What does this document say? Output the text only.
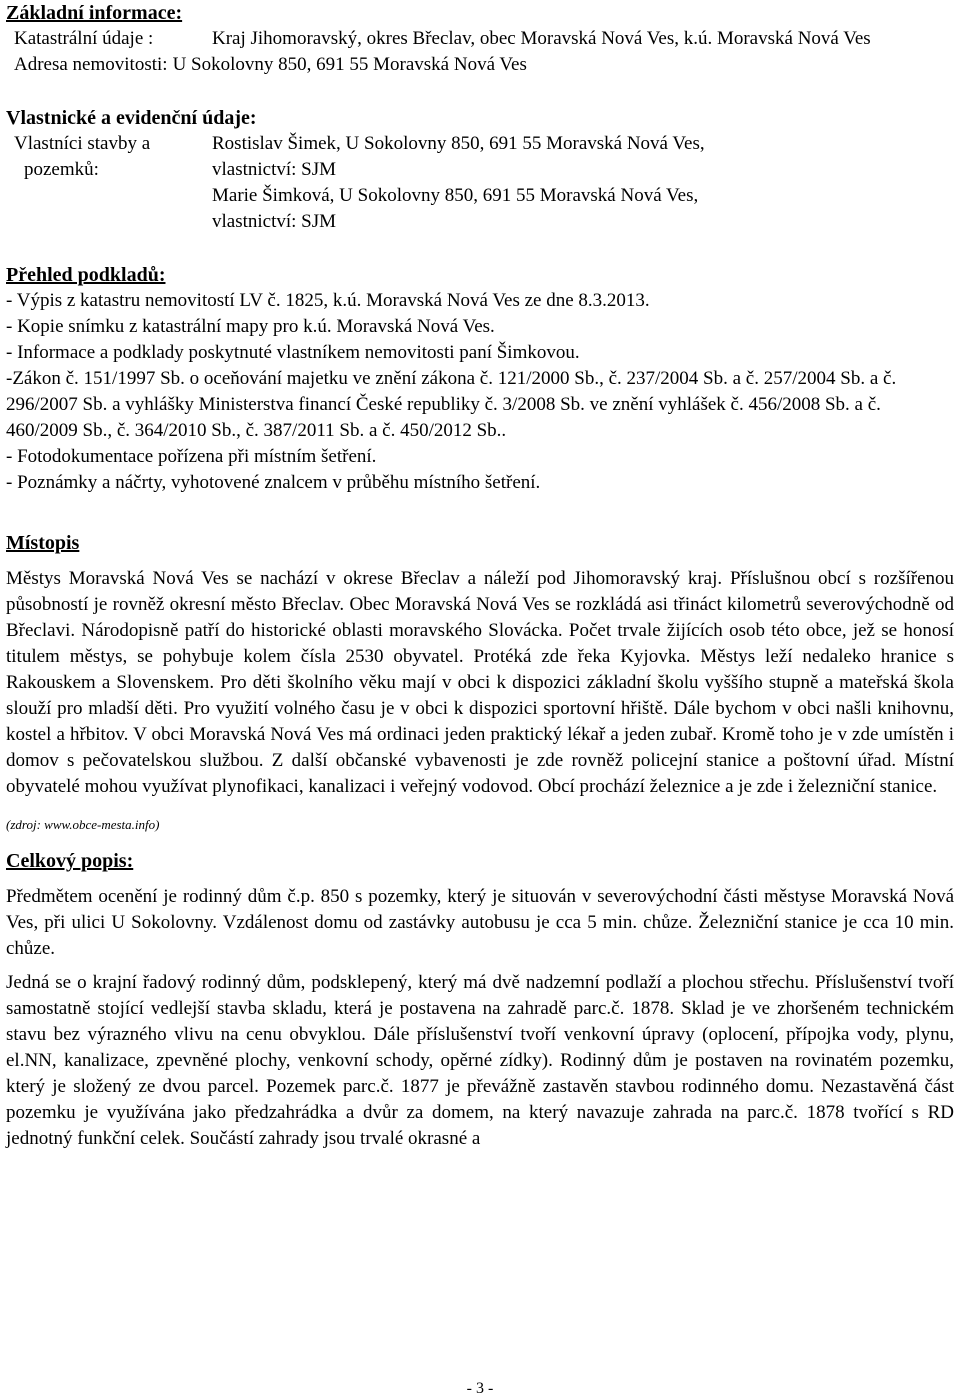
Základní informace:
Katastrální údaje :	Kraj Jihomoravský, okres Břeclav, obec Moravská Nová Ves, k.ú. Moravská Nová Ves
Adresa nemovitosti: U Sokolovny 850, 691 55 Moravská Nová Ves
Vlastnické a evidenční údaje:
Vlastníci stavby a
pozemků:
Rostislav Šimek, U Sokolovny 850, 691 55 Moravská Nová Ves,
vlastnictví: SJM
Marie Šimková, U Sokolovny 850, 691 55 Moravská Nová Ves,
vlastnictví: SJM
Přehled podkladů:

- Výpis z katastru nemovitostí LV č. 1825, k.ú. Moravská Nová Ves ze dne 8.3.2013.

- Kopie snímku z katastrální mapy pro k.ú. Moravská Nová Ves.

- Informace a podklady poskytnuté vlastníkem nemovitosti paní Šimkovou.

-Zákon č. 151/1997 Sb. o oceňování majetku ve znění zákona č. 121/2000 Sb., č. 237/2004 Sb. a č. 257/2004 Sb. a č. 296/2007 Sb. a vyhlášky Ministerstva financí České republiky č. 3/2008 Sb. ve znění vyhlášek č. 456/2008 Sb. a č. 460/2009 Sb., č. 364/2010 Sb., č. 387/2011 Sb. a č. 450/2012 Sb..

- Fotodokumentace pořízena při místním šetření.

- Poznámky a náčrty, vyhotovené znalcem v průběhu místního šetření.

Místopis

Městys Moravská Nová Ves se nachází v okrese Břeclav a náleží pod Jihomoravský kraj. Příslušnou obcí s rozšířenou působností je rovněž okresní město Břeclav. Obec Moravská Nová Ves se rozkládá asi třináct kilometrů severovýchodně od Břeclavi. Národopisně patří do historické oblasti moravského Slovácka. Počet trvale žijících osob této obce, jež se honosí titulem městys, se pohybuje kolem čísla 2530 obyvatel. Protéká zde řeka Kyjovka. Městys leží nedaleko hranice s Rakouskem a Slovenskem. Pro děti školního věku mají v obci k dispozici základní školu vyššího stupně a mateřská škola slouží pro mladší děti. Pro využití volného času je v obci k dispozici sportovní hřiště. Dále bychom v obci našli knihovnu, kostel a hřbitov. V obci Moravská Nová Ves má ordinaci jeden praktický lékař a jeden zubař. Kromě toho je v zde umístěn i domov s pečovatelskou službou. Z další občanské vybavenosti je zde rovněž policejní stanice a poštovní úřad. Místní obyvatelé mohou využívat plynofikaci, kanalizaci i veřejný vodovod. Obcí prochází železnice a je zde i železniční stanice.

(zdroj: www.obce-mesta.info)

Celkový popis:

Předmětem ocenění je rodinný dům č.p. 850 s pozemky, který je situován v severovýchodní části městyse Moravská Nová Ves, při ulici U Sokolovny. Vzdálenost domu od zastávky autobusu je cca 5 min. chůze. Železniční stanice je cca 10 min. chůze.

Jedná se o krajní řadový rodinný dům, podsklepený, který má dvě nadzemní podlaží a plochou střechu. Příslušenství tvoří samostatně stojící vedlejší stavba skladu, která je postavena na zahradě parc.č. 1878. Sklad je ve zhoršeném technickém stavu bez výrazného vlivu na cenu obvyklou. Dále příslušenství tvoří venkovní úpravy (oplocení, přípojka vody, plynu, el.NN, kanalizace, zpevněné plochy, venkovní schody, opěrné zídky). Rodinný dům je postaven na rovinatém pozemku, který je složený ze dvou parcel. Pozemek parc.č. 1877 je převážně zastavěn stavbou rodinného domu. Nezastavěná část pozemku je využívána jako předzahrádka a dvůr za domem, na který navazuje zahrada na parc.č. 1878 tvořící s RD jednotný funkční celek. Součástí zahrady jsou trvalé okrasné a

- 3 -
